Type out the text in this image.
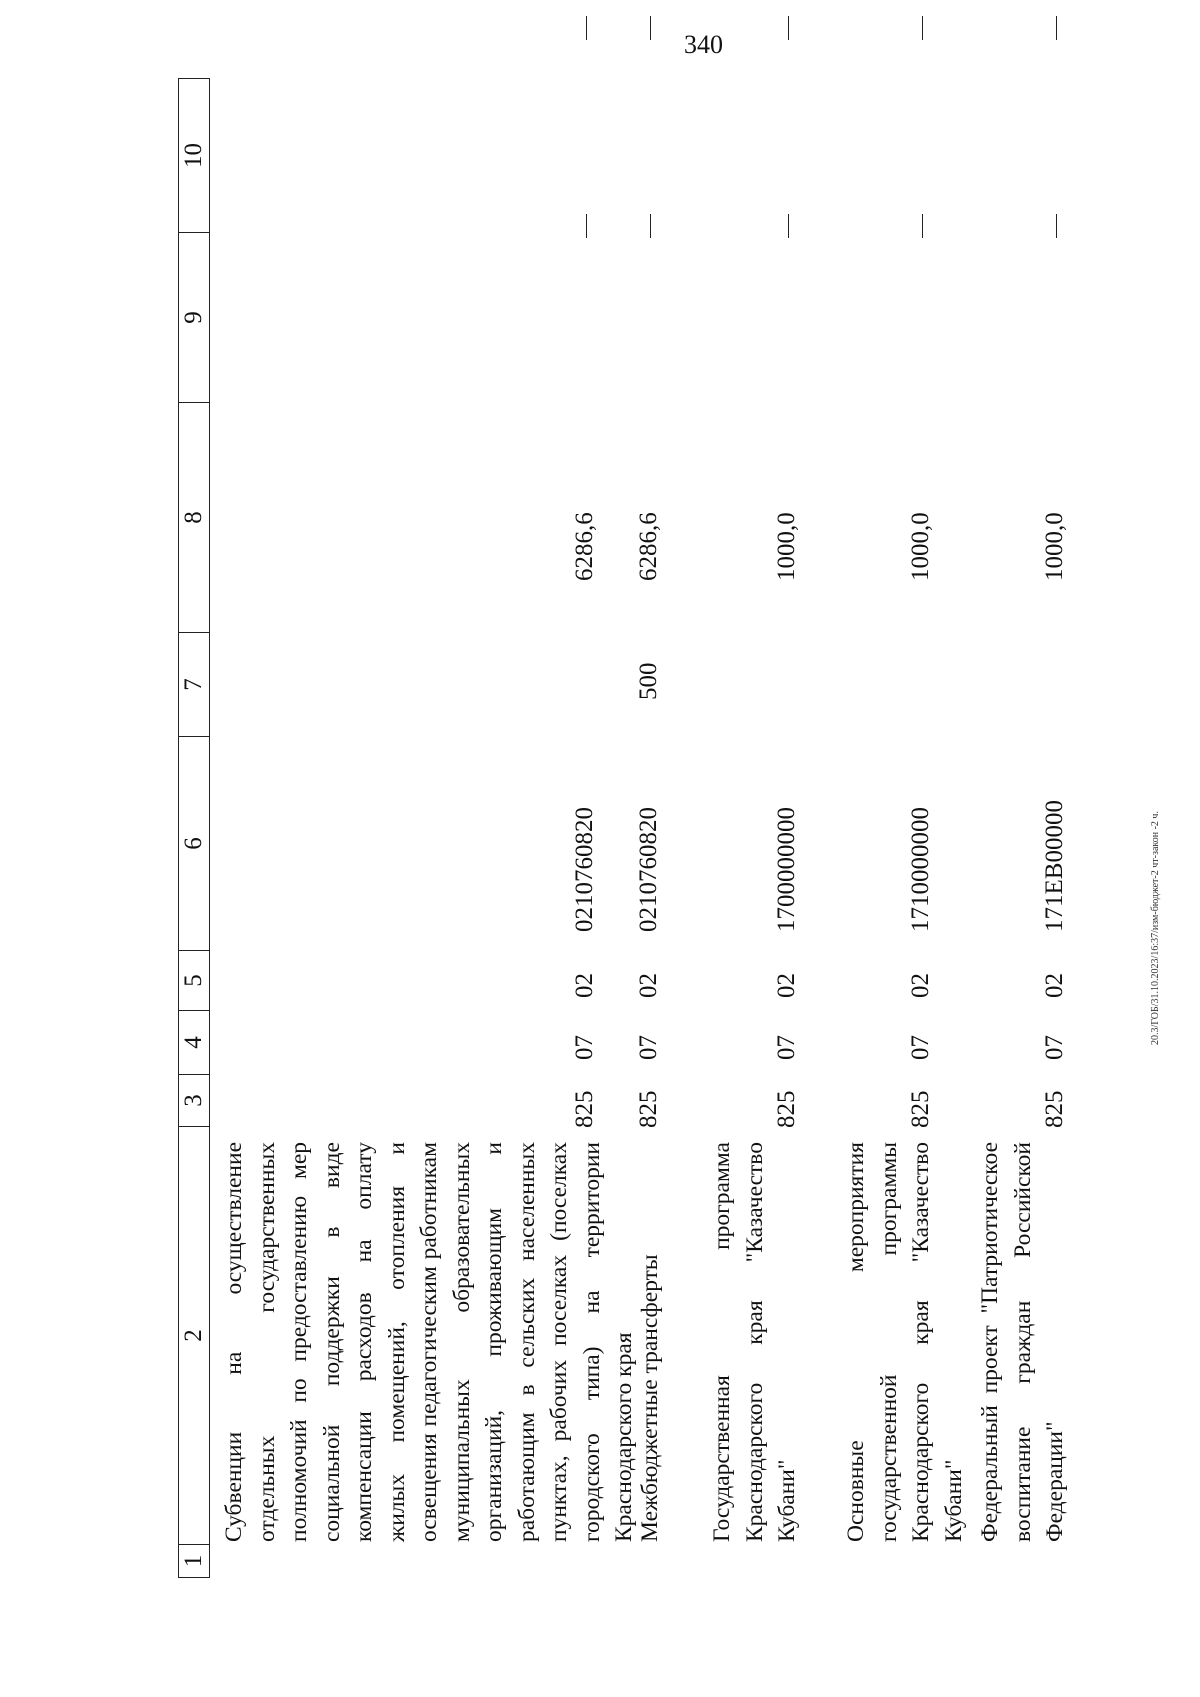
340
20.3/ГОБ/31.10.2023/16:37/изм-бюджет-2 чт-закон -2 ч.
1
2
3
4
5
6
7
8
9
10
Субвенции на осуществление отдельных государственных полномочий по предоставлению мер социальной поддержки в виде компенсации расходов на оплату жилых помещений, отопления и освещения педагогическим работникам муниципальных образовательных организаций, проживающим и работающим в сельских населенных пунктах, рабочих поселках (поселках городского типа) на территории Краснодарского края
825
07
02
0210760820
6286,6
Межбюджетные трансферты
825
07
02
0210760820
500
6286,6
Государственная программа Краснодарского края "Казачество Кубани"
825
07
02
1700000000
1000,0
Основные мероприятия государственной программы Краснодарского края "Казачество Кубани"
825
07
02
1710000000
1000,0
Федеральный проект "Патриотическое воспитание граждан Российской Федерации"
825
07
02
171EB00000
1000,0
